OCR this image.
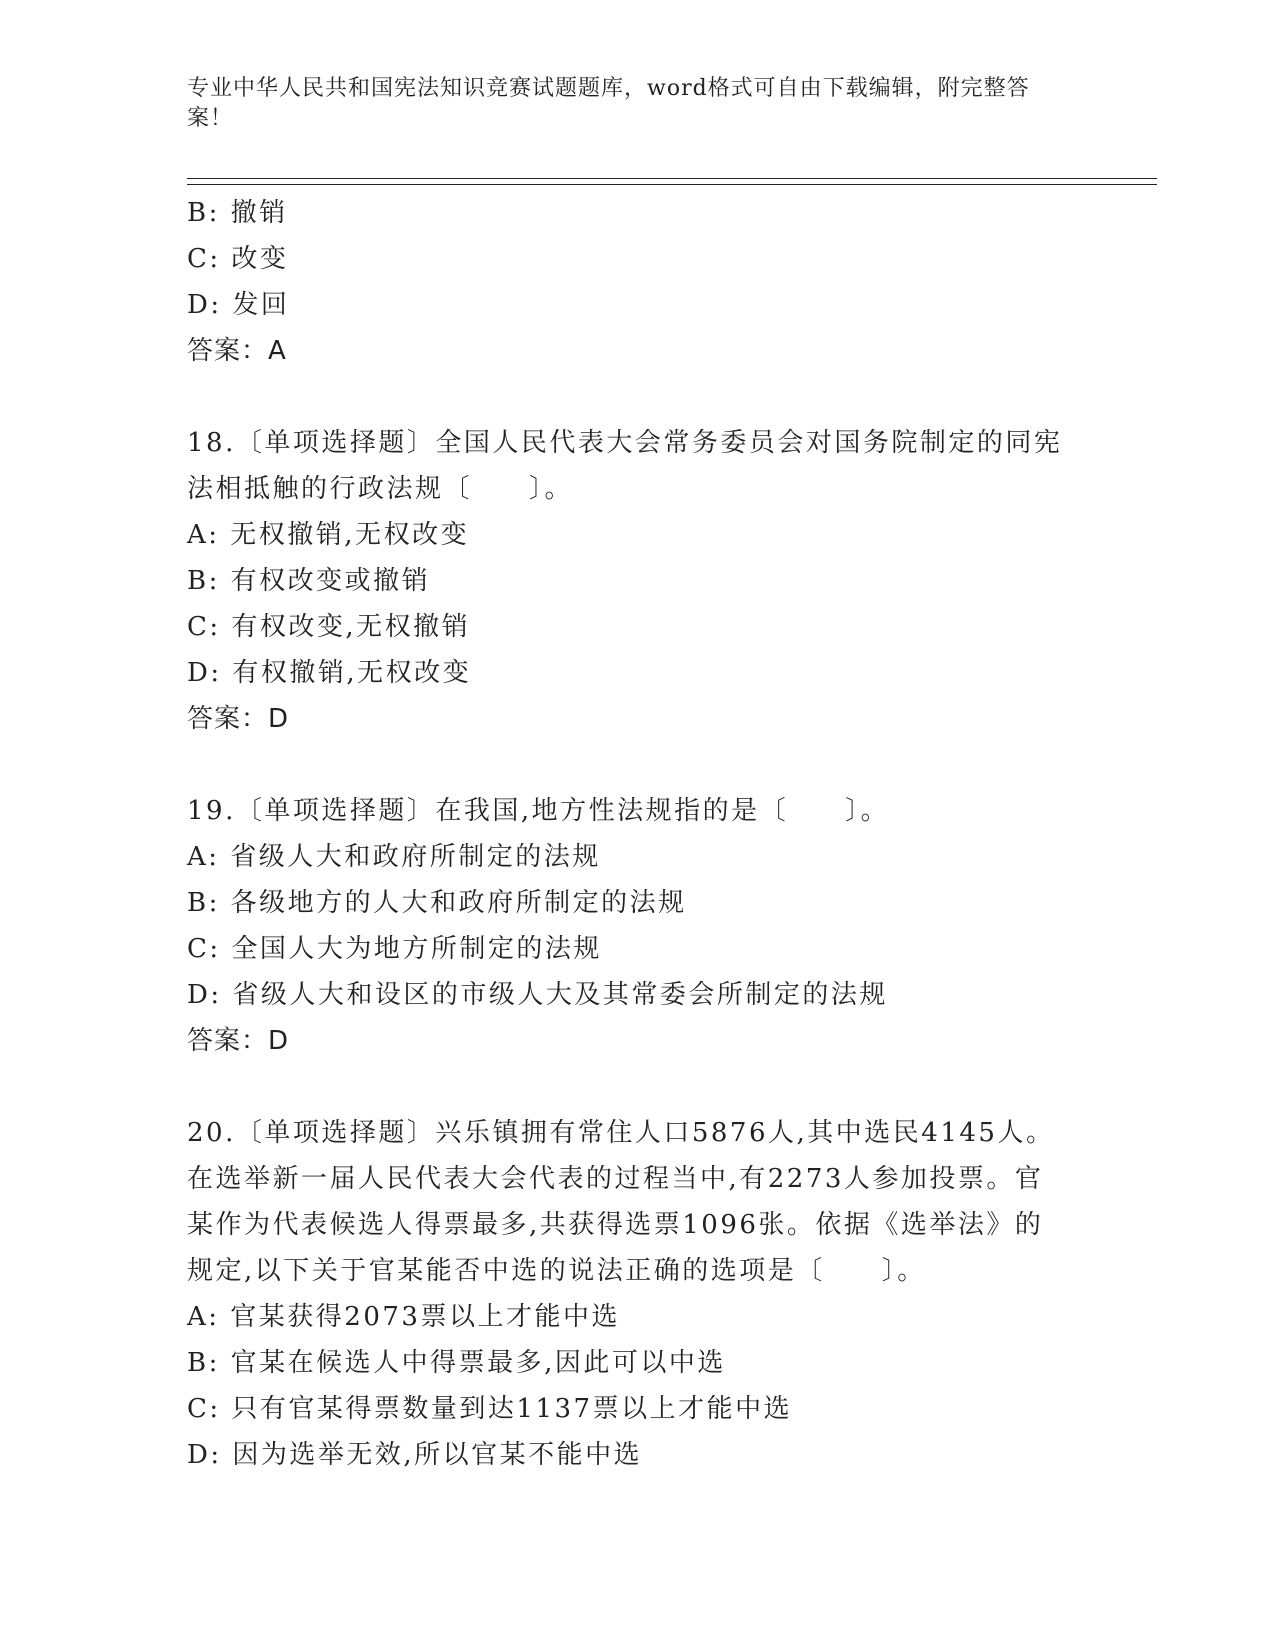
专业中华人民共和国宪法知识竞赛试题题库，word格式可自由下载编辑，附完整答案！
B: 撤销
C: 改变
D: 发回
答案：A
18.〔单项选择题〕全国人民代表大会常务委员会对国务院制定的同宪
法相抵触的行政法规〔　　〕。
A: 无权撤销,无权改变
B: 有权改变或撤销
C: 有权改变,无权撤销
D: 有权撤销,无权改变
答案：D
19.〔单项选择题〕在我国,地方性法规指的是〔　　〕。
A: 省级人大和政府所制定的法规
B: 各级地方的人大和政府所制定的法规
C: 全国人大为地方所制定的法规
D: 省级人大和设区的市级人大及其常委会所制定的法规
答案：D
20.〔单项选择题〕兴乐镇拥有常住人口5876人,其中选民4145人。
在选举新一届人民代表大会代表的过程当中,有2273人参加投票。官
某作为代表候选人得票最多,共获得选票1096张。依据《选举法》的
规定,以下关于官某能否中选的说法正确的选项是〔　　〕。
A: 官某获得2073票以上才能中选
B: 官某在候选人中得票最多,因此可以中选
C: 只有官某得票数量到达1137票以上才能中选
D: 因为选举无效,所以官某不能中选
